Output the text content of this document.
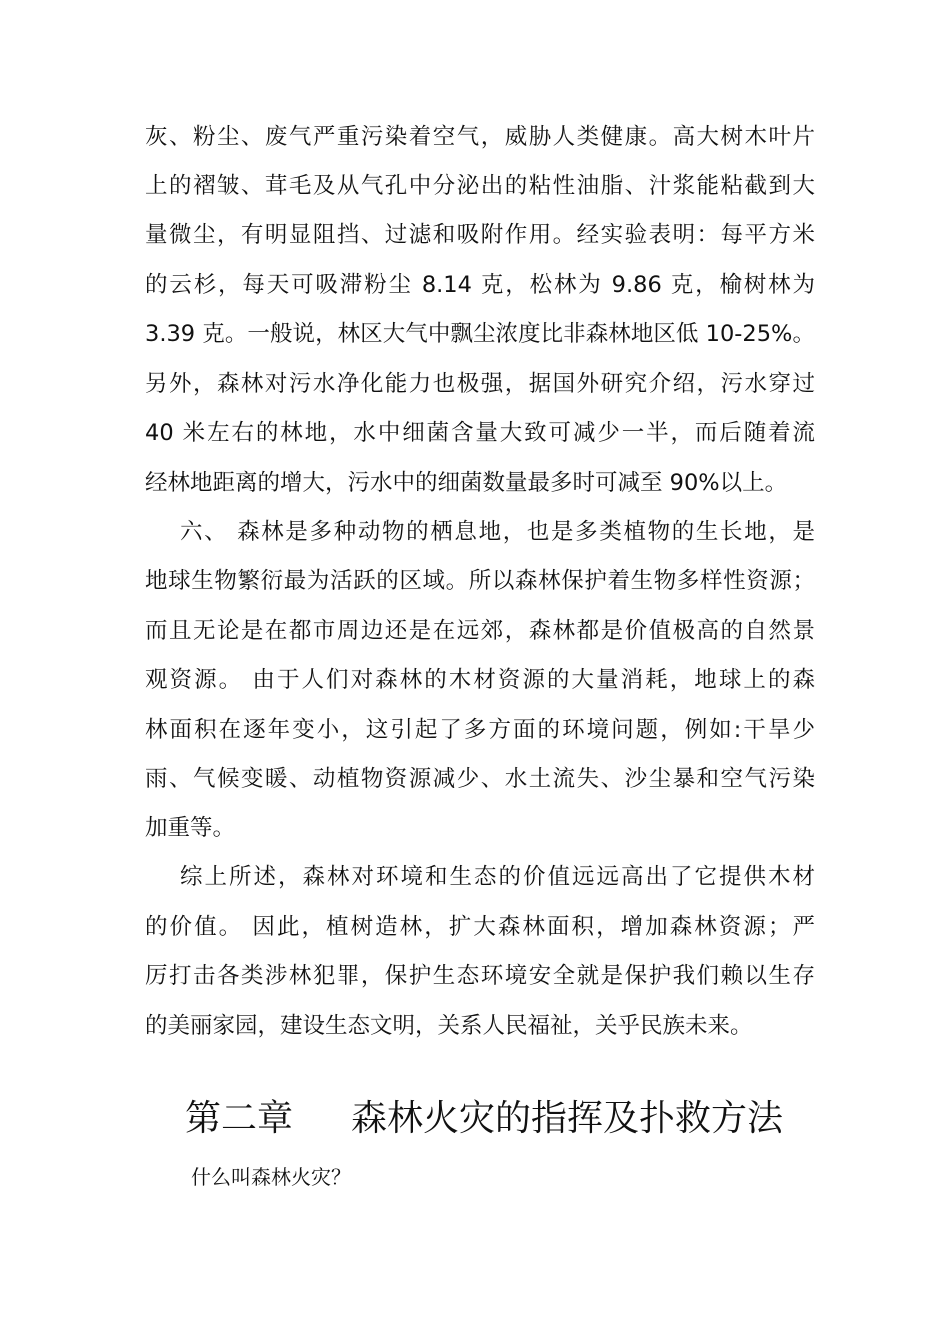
灰、粉尘、废气严重污染着空气，威胁人类健康。高大树木叶片
上的褶皱、茸毛及从气孔中分泌出的粘性油脂、汁浆能粘截到大
量微尘，有明显阻挡、过滤和吸附作用。经实验表明：每平方米
的云杉，每天可吸滞粉尘 8.14 克，松林为 9.86 克，榆树林为
3.39 克。一般说，林区大气中飘尘浓度比非森林地区低 10-25%。
另外，森林对污水净化能力也极强，据国外研究介绍，污水穿过
40 米左右的林地，水中细菌含量大致可减少一半，而后随着流
经林地距离的增大，污水中的细菌数量最多时可减至 90%以上。
六、 森林是多种动物的栖息地，也是多类植物的生长地，是
地球生物繁衍最为活跃的区域。所以森林保护着生物多样性资源；
而且无论是在都市周边还是在远郊，森林都是价值极高的自然景
观资源。 由于人们对森林的木材资源的大量消耗，地球上的森
林面积在逐年变小，这引起了多方面的环境问题，例如:干旱少
雨、气候变暖、动植物资源减少、水土流失、沙尘暴和空气污染
加重等。
综上所述，森林对环境和生态的价值远远高出了它提供木材
的价值。 因此，植树造林，扩大森林面积，增加森林资源；严
厉打击各类涉林犯罪，保护生态环境安全就是保护我们赖以生存
的美丽家园，建设生态文明，关系人民福祉，关乎民族未来。
第二章 森林火灾的指挥及扑救方法
什么叫森林火灾？
